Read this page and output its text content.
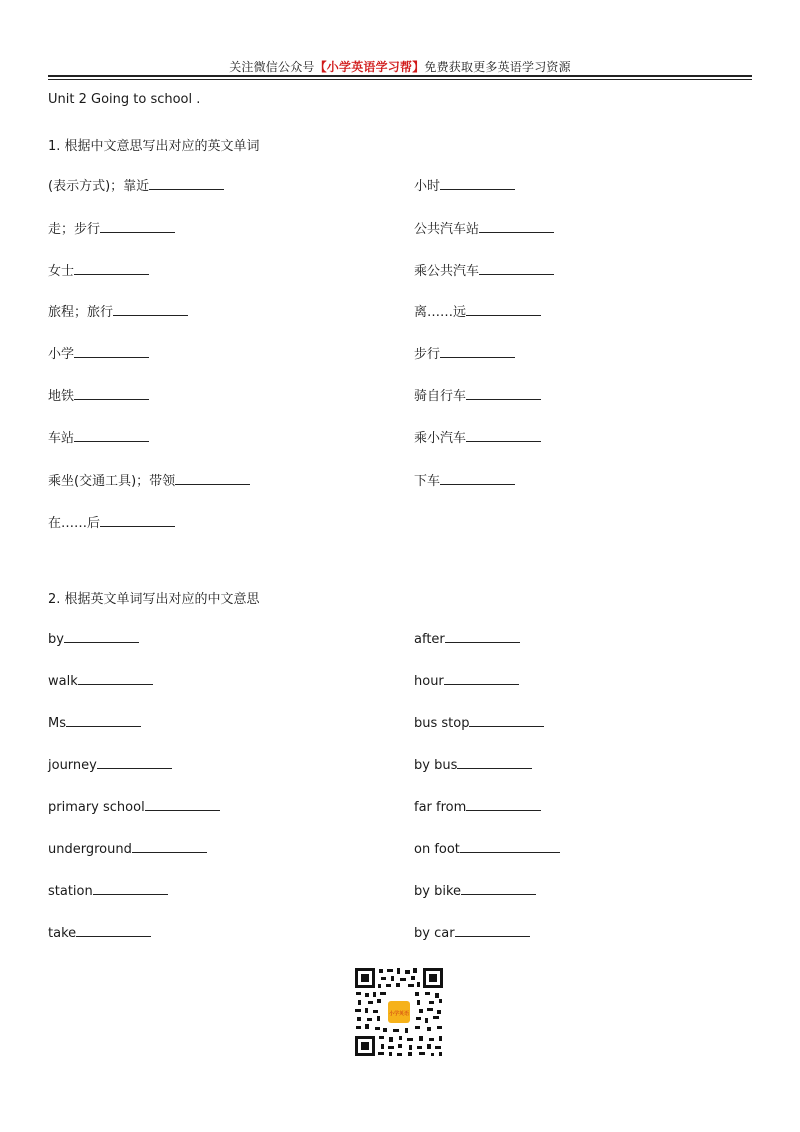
关注微信公众号【小学英语学习帮】免费获取更多英语学习资源
Unit 2 Going to school .
1. 根据中文意思写出对应的英文单词
(表示方式)；靠近
走；步行
女士
旅程；旅行
小学
地铁
车站
乘坐(交通工具)；带领
在……后
小时
公共汽车站
乘公共汽车
离……远
步行
骑自行车
乘小汽车
下车
2. 根据英文单词写出对应的中文意思
by
walk
Ms
journey
primary school
underground
station
take
after
hour
bus stop
by bus
far from
on foot
by bike
by car
小学英语
